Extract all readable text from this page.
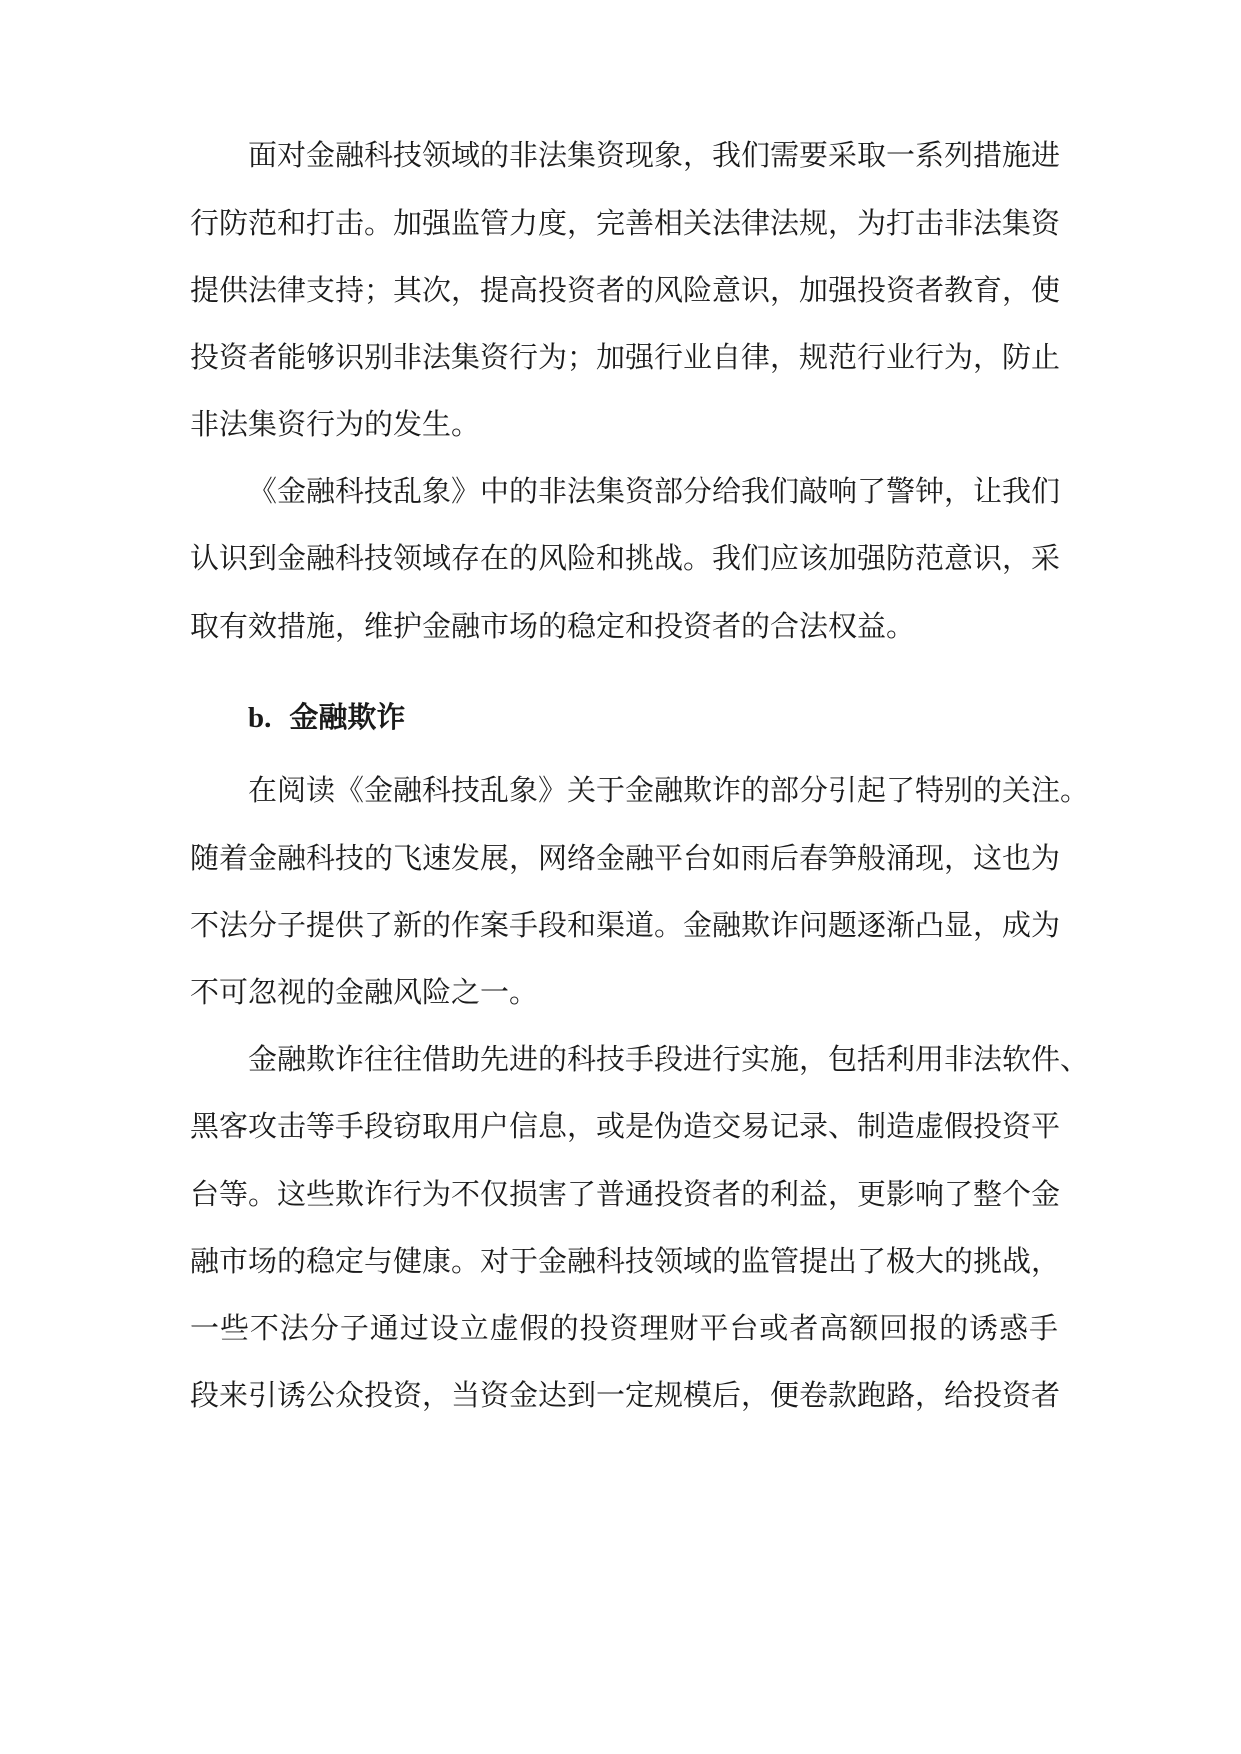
面对金融科技领域的非法集资现象，我们需要采取一系列措施进
行防范和打击。加强监管力度，完善相关法律法规，为打击非法集资
提供法律支持；其次，提高投资者的风险意识，加强投资者教育，使
投资者能够识别非法集资行为；加强行业自律，规范行业行为，防止
非法集资行为的发生。
《金融科技乱象》中的非法集资部分给我们敲响了警钟，让我们
认识到金融科技领域存在的风险和挑战。我们应该加强防范意识，采
取有效措施，维护金融市场的稳定和投资者的合法权益。
b. 金融欺诈
在阅读《金融科技乱象》关于金融欺诈的部分引起了特别的关注。
随着金融科技的飞速发展，网络金融平台如雨后春笋般涌现，这也为
不法分子提供了新的作案手段和渠道。金融欺诈问题逐渐凸显，成为
不可忽视的金融风险之一。
金融欺诈往往借助先进的科技手段进行实施，包括利用非法软件、
黑客攻击等手段窃取用户信息，或是伪造交易记录、制造虚假投资平
台等。这些欺诈行为不仅损害了普通投资者的利益，更影响了整个金
融市场的稳定与健康。对于金融科技领域的监管提出了极大的挑战，
一些不法分子通过设立虚假的投资理财平台或者高额回报的诱惑手
段来引诱公众投资，当资金达到一定规模后，便卷款跑路，给投资者
